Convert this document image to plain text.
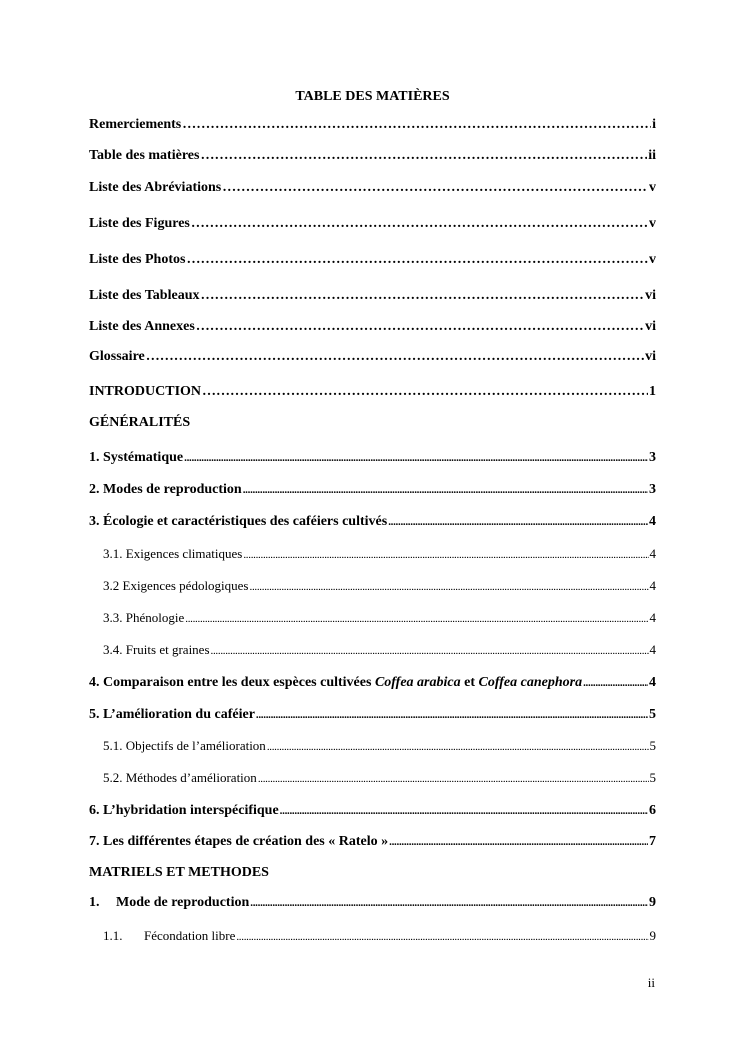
TABLE DES MATIÈRES
Remerciements …………………………………………………………………………………………………………………………………………………………………………………………	i
Table des matières …………………………………………………………………………………………………………………………………………………………………………………………	ii
Liste des Abréviations …………………………………………………………………………………………………………………………………………………………………………………………	v
Liste des Figures …………………………………………………………………………………………………………………………………………………………………………………………	v
Liste des Photos …………………………………………………………………………………………………………………………………………………………………………………………	v
Liste des Tableaux …………………………………………………………………………………………………………………………………………………………………………………………	vi
Liste des Annexes …………………………………………………………………………………………………………………………………………………………………………………………	vi
Glossaire …………………………………………………………………………………………………………………………………………………………………………………………	vi
INTRODUCTION …………………………………………………………………………………………………………………………………………………………………………………………	1
GÉNÉRALITÉS
1. Systématique .....	3
2. Modes de reproduction .....	3
3. Écologie et caractéristiques des caféiers cultivés .....	4
3.1. Exigences climatiques .....	4
3.2 Exigences pédologiques .....	4
3.3. Phénologie .....	4
3.4. Fruits et graines .....	4
4. Comparaison entre les deux espèces cultivées Coffea arabica et Coffea canephora .....	4
5. L’amélioration du caféier .....	5
5.1. Objectifs de l’amélioration .....	5
5.2. Méthodes d’amélioration .....	5
6. L’hybridation interspécifique .....	6
7. Les différentes étapes de création des « Ratelo » .....	7
MATRIELS ET METHODES
1. Mode de reproduction .....	9
1.1. Fécondation libre .....	9
ii
